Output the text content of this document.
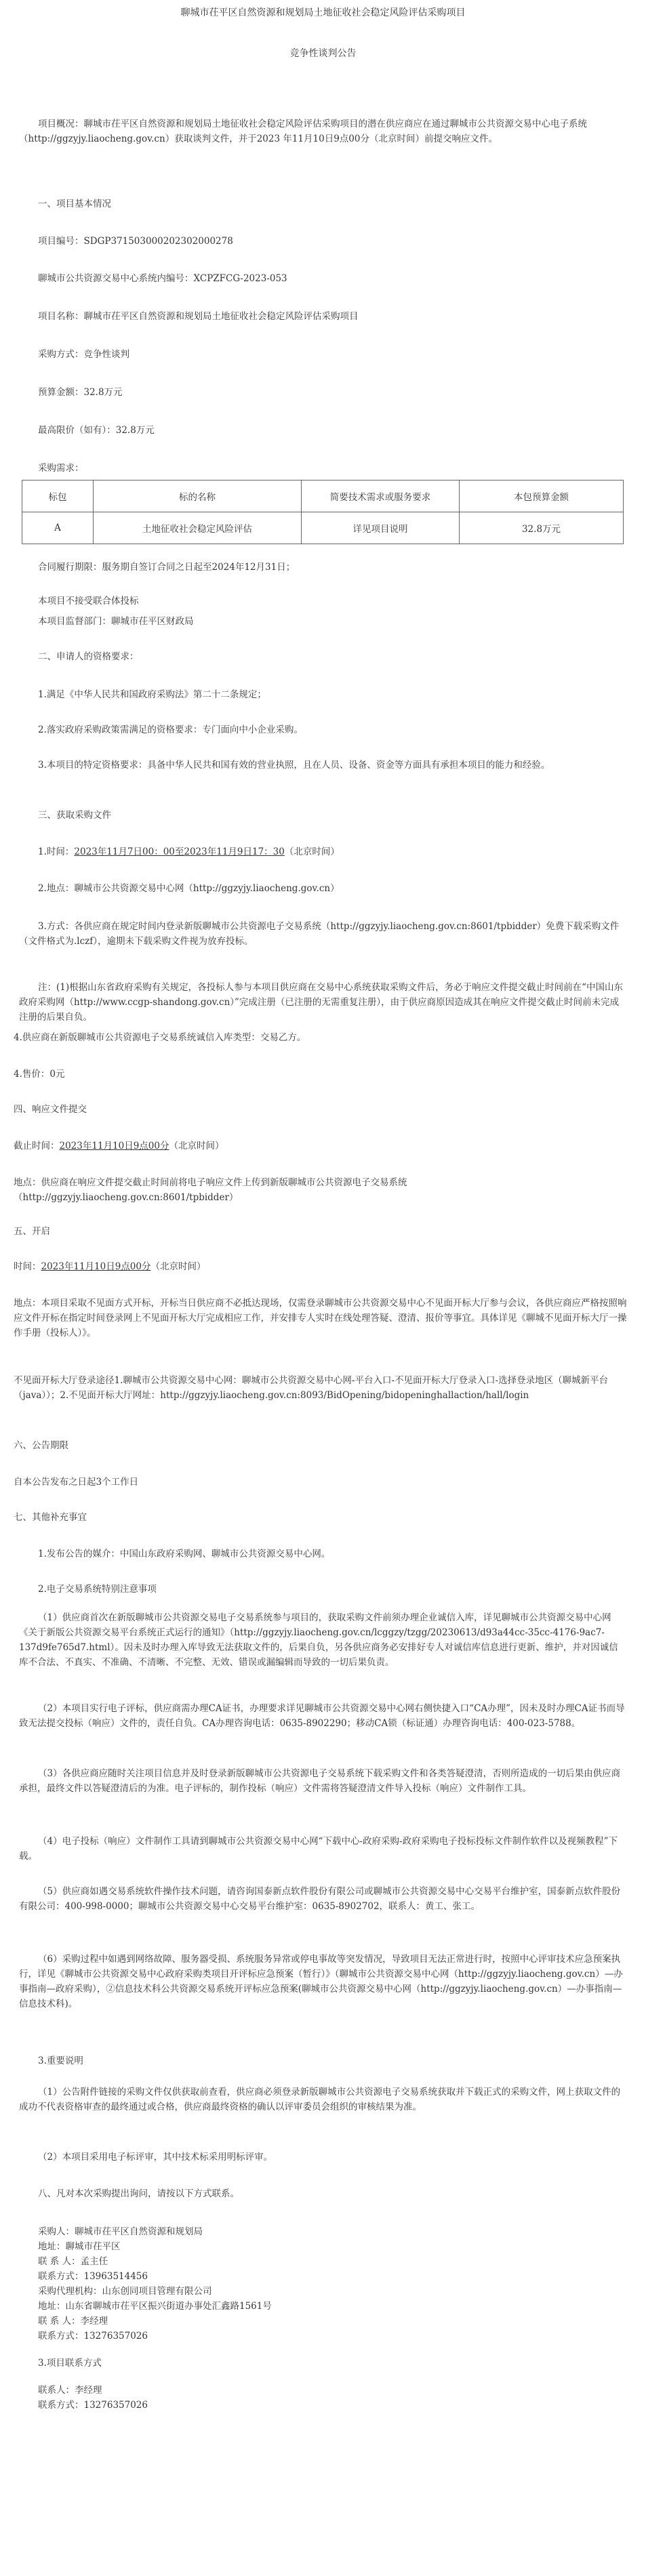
聊城市茌平区自然资源和规划局土地征收社会稳定风险评估采购项目
竞争性谈判公告
项目概况：聊城市茌平区自然资源和规划局土地征收社会稳定风险评估采购项目的潜在供应商应在通过聊城市公共资源交易中心电子系统（http://ggzyjy.liaocheng.gov.cn）获取谈判文件，并于2023 年11月10日9点00分（北京时间）前提交响应文件。
一、项目基本情况
项目编号：SDGP371503000202302000278
聊城市公共资源交易中心系统内编号：XCPZFCG-2023-053
项目名称：聊城市茌平区自然资源和规划局土地征收社会稳定风险评估采购项目
采购方式：竞争性谈判
预算金额：32.8万元
最高限价（如有）：32.8万元
采购需求：
标包	标的名称	简要技术需求或服务要求	本包预算金额
A	土地征收社会稳定风险评估	详见项目说明	32.8万元
合同履行期限：服务期自签订合同之日起至2024年12月31日；
本项目不接受联合体投标
本项目监督部门：聊城市茌平区财政局
二、申请人的资格要求：
1.满足《中华人民共和国政府采购法》第二十二条规定；
2.落实政府采购政策需满足的资格要求：专门面向中小企业采购。
3.本项目的特定资格要求：具备中华人民共和国有效的营业执照，且在人员、设备、资金等方面具有承担本项目的能力和经验。
三、获取采购文件
1.时间：2023年11月7日00：00至2023年11月9日17：30（北京时间）
2.地点：聊城市公共资源交易中心网（http://ggzyjy.liaocheng.gov.cn）
3.方式：各供应商在规定时间内登录新版聊城市公共资源电子交易系统（http://ggzyjy.liaocheng.gov.cn:8601/tpbidder）免费下载采购文件（文件格式为.lczf），逾期未下载采购文件视为放弃投标。
注：(1)根据山东省政府采购有关规定，各投标人参与本项目供应商在交易中心系统获取采购文件后，务必于响应文件提交截止时间前在“中国山东政府采购网（http://www.ccgp-shandong.gov.cn）”完成注册（已注册的无需重复注册），由于供应商原因造成其在响应文件提交截止时间前未完成注册的后果自负。
4.供应商在新版聊城市公共资源电子交易系统诚信入库类型：交易乙方。
4.售价：0元
四、响应文件提交
截止时间：2023年11月10日9点00分（北京时间）
地点：供应商在响应文件提交截止时间前将电子响应文件上传到新版聊城市公共资源电子交易系统（http://ggzyjy.liaocheng.gov.cn:8601/tpbidder）
五、开启
时间：2023年11月10日9点00分（北京时间）
地点：本项目采取不见面方式开标，开标当日供应商不必抵达现场，仅需登录聊城市公共资源交易中心不见面开标大厅参与会议，各供应商应严格按照响应文件开标在指定时间登录网上不见面开标大厅完成相应工作，并安排专人实时在线处理答疑、澄清、报价等事宜。具体详见《聊城不见面开标大厅一操作手册（投标人）》。
不见面开标大厅登录途径1.聊城市公共资源交易中心网：聊城市公共资源交易中心网-平台入口-不见面开标大厅登录入口-选择登录地区（聊城新平台（java））；2.不见面开标大厅网址：http://ggzyjy.liaocheng.gov.cn:8093/BidOpening/bidopeninghallaction/hall/login
六、公告期限
自本公告发布之日起3个工作日
七、其他补充事宜
1.发布公告的媒介：中国山东政府采购网、聊城市公共资源交易中心网。
2.电子交易系统特别注意事项
（1）供应商首次在新版聊城市公共资源交易电子交易系统参与项目的，获取采购文件前须办理企业诚信入库，详见聊城市公共资源交易中心网《关于新版公共资源交易平台系统正式运行的通知》（http://ggzyjy.liaocheng.gov.cn/lcggzy/tzgg/20230613/d93a44cc-35cc-4176-9ac7-137d9fe765d7.html）。因未及时办理入库导致无法获取文件的，后果自负，另各供应商务必安排好专人对诚信库信息进行更新、维护，并对因诚信库不合法、不真实、不准确、不清晰、不完整、无效、错误或漏编辑而导致的一切后果负责。
（2）本项目实行电子评标，供应商需办理CA证书，办理要求详见聊城市公共资源交易中心网右侧快捷入口“CA办理”，因未及时办理CA证书而导致无法提交投标（响应）文件的，责任自负。CA办理咨询电话：0635-8902290；移动CA锁（标证通）办理咨询电话：400-023-5788。
（3）各供应商应随时关注项目信息并及时登录新版聊城市公共资源电子交易系统下载采购文件和各类答疑澄清，否则所造成的一切后果由供应商承担，最终文件以答疑澄清后的为准。电子评标的，制作投标（响应）文件需将答疑澄清文件导入投标（响应）文件制作工具。
（4）电子投标（响应）文件制作工具请到聊城市公共资源交易中心网“下载中心-政府采购-政府采购电子投标投标文件制作软件以及视频教程”下载。
（5）供应商如遇交易系统软件操作技术问题，请咨询国泰新点软件股份有限公司或聊城市公共资源交易中心交易平台维护室，国泰新点软件股份有限公司：400-998-0000；聊城市公共资源交易中心交易平台维护室：0635-8902702，联系人：黄工、张工。
（6）采购过程中如遇到网络故障、服务器受损、系统服务异常或停电事故等突发情况，导致项目无法正常进行时，按照中心评审技术应急预案执行，详见《聊城市公共资源交易中心政府采购类项目开评标应急预案（暂行）》（聊城市公共资源交易中心网（http://ggzyjy.liaocheng.gov.cn）—办事指南—政府采购），②信息技术科公共资源交易系统开评标应急预案(聊城市公共资源交易中心网（http://ggzyjy.liaocheng.gov.cn）—办事指南—信息技术科)。
3.重要说明
（1）公告附件链接的采购文件仅供获取前查看，供应商必须登录新版聊城市公共资源电子交易系统获取并下载正式的采购文件，网上获取文件的成功不代表资格审查的最终通过或合格，供应商最终资格的确认以评审委员会组织的审核结果为准。
（2）本项目采用电子标评审，其中技术标采用明标评审。
八、凡对本次采购提出询问，请按以下方式联系。

采购人：聊城市茌平区自然资源和规划局

地址：聊城市茌平区

联 系 人：孟主任

联系方式：13963514456

采购代理机构：山东创同项目管理有限公司

地址：山东省聊城市茌平区振兴街道办事处汇鑫路1561号

联 系 人：李经理

联系方式：13276357026

3.项目联系方式

联系人：李经理

联系方式：13276357026
